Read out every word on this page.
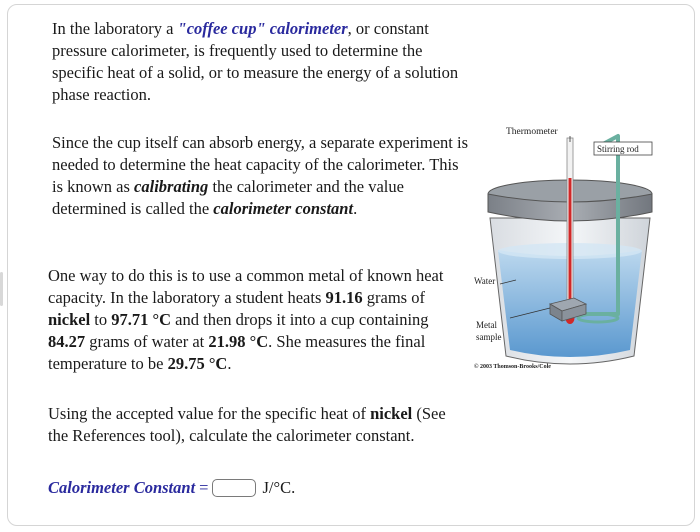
In the laboratory a "coffee cup" calorimeter, or constant pressure calorimeter, is frequently used to determine the specific heat of a solid, or to measure the energy of a solution phase reaction.

Since the cup itself can absorb energy, a separate experiment is needed to determine the heat capacity of the calorimeter. This is known as calibrating the calorimeter and the value determined is called the calorimeter constant.

One way to do this is to use a common metal of known heat capacity. In the laboratory a student heats 91.16 grams of nickel to 97.71 °C and then drops it into a cup containing 84.27 grams of water at 21.98 °C. She measures the final temperature to be 29.75 °C.

Using the accepted value for the specific heat of nickel (See the References tool), calculate the calorimeter constant.

Calorimeter Constant =	J/°C.
Thermometer
Stirring rod
Water
Metal
sample
© 2003 Thomson-Brooks/Cole
